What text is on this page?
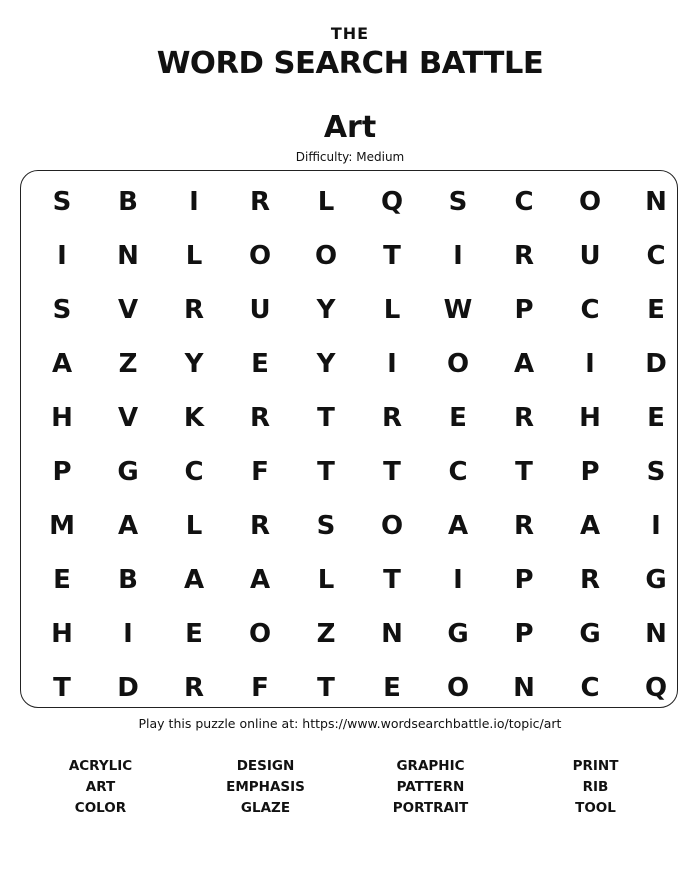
THE
WORD SEARCH BATTLE
Art
Difficulty: Medium
S	B	I	R	L	Q	S	C	O	N
I	N	L	O	O	T	I	R	U	C
S	V	R	U	Y	L	W	P	C	E
A	Z	Y	E	Y	I	O	A	I	D
H	V	K	R	T	R	E	R	H	E
P	G	C	F	T	T	C	T	P	S
M	A	L	R	S	O	A	R	A	I
E	B	A	A	L	T	I	P	R	G
H	I	E	O	Z	N	G	P	G	N
T	D	R	F	T	E	O	N	C	Q
Play this puzzle online at: https://www.wordsearchbattle.io/topic/art
ACRYLIC
ART
COLOR
DESIGN
EMPHASIS
GLAZE
GRAPHIC
PATTERN
PORTRAIT
PRINT
RIB
TOOL
